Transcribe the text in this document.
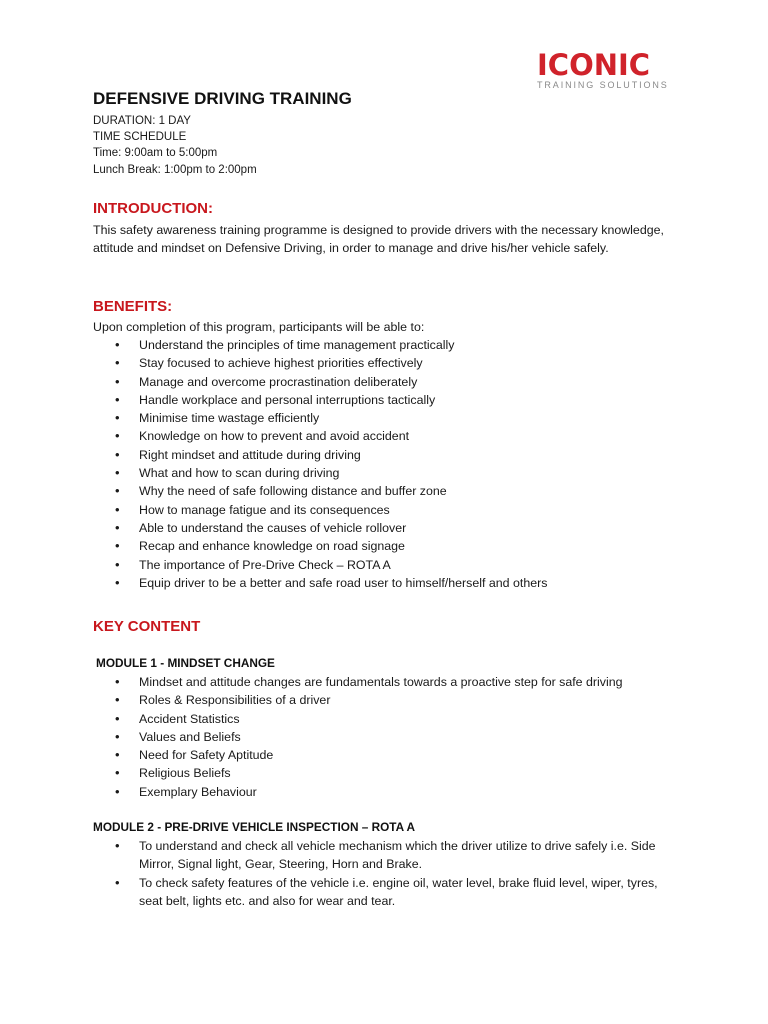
ICONIC
TRAINING SOLUTIONS
DEFENSIVE DRIVING TRAINING
DURATION: 1 DAY
TIME SCHEDULE
Time: 9:00am to 5:00pm
Lunch Break: 1:00pm to 2:00pm
INTRODUCTION:

This safety awareness training programme is designed to provide drivers with the necessary knowledge, attitude and mindset on Defensive Driving, in order to manage and drive his/her vehicle safely.

BENEFITS:

Upon completion of this program, participants will be able to:

• Understand the principles of time management practically
• Stay focused to achieve highest priorities effectively
• Manage and overcome procrastination deliberately
• Handle workplace and personal interruptions tactically
• Minimise time wastage efficiently
• Knowledge on how to prevent and avoid accident
• Right mindset and attitude during driving
• What and how to scan during driving
• Why the need of safe following distance and buffer zone
• How to manage fatigue and its consequences
• Able to understand the causes of vehicle rollover
• Recap and enhance knowledge on road signage
• The importance of Pre-Drive Check – ROTA A
• Equip driver to be a better and safe road user to himself/herself and others
KEY CONTENT
MODULE 1 - MINDSET CHANGE
• Mindset and attitude changes are fundamentals towards a proactive step for safe driving
• Roles & Responsibilities of a driver
• Accident Statistics
• Values and Beliefs
• Need for Safety Aptitude
• Religious Beliefs
• Exemplary Behaviour
MODULE 2 - PRE-DRIVE VEHICLE INSPECTION – ROTA A
• To understand and check all vehicle mechanism which the driver utilize to drive safely i.e. Side Mirror, Signal light, Gear, Steering, Horn and Brake.
• To check safety features of the vehicle i.e. engine oil, water level, brake fluid level, wiper, tyres, seat belt, lights etc. and also for wear and tear.
